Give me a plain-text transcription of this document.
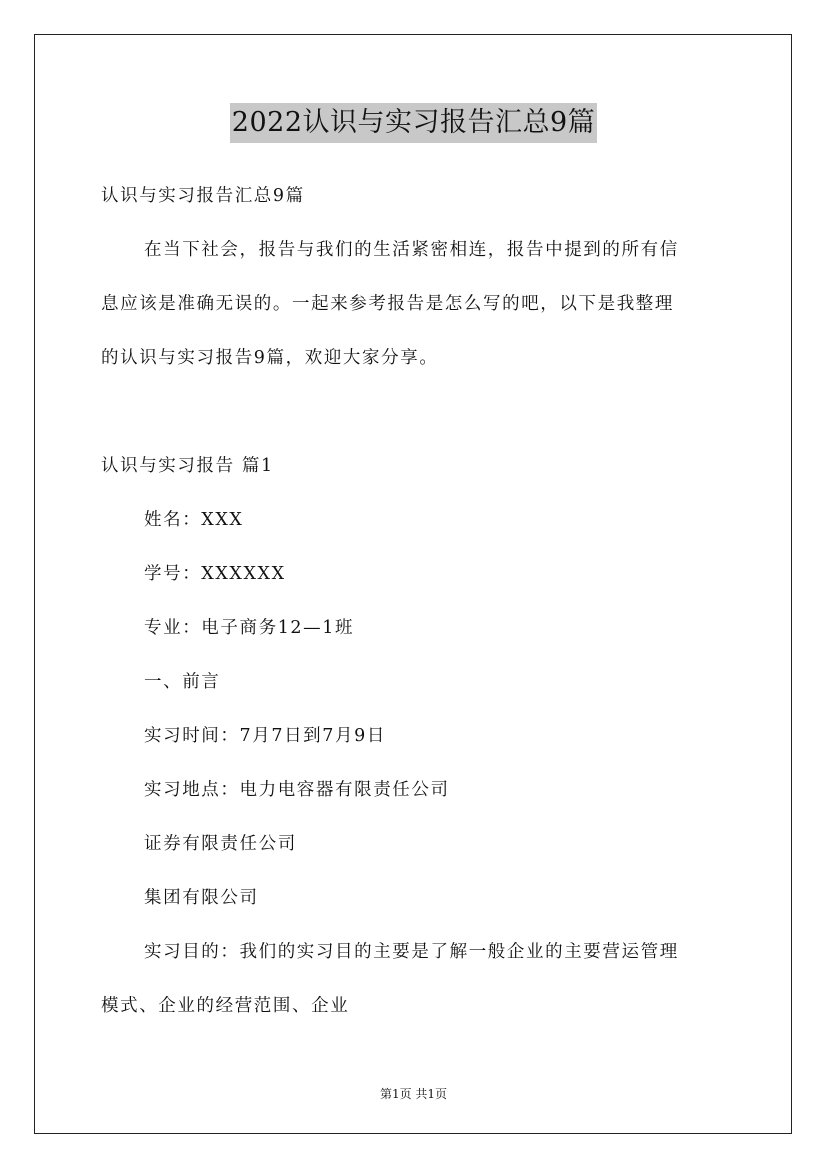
2022认识与实习报告汇总9篇
认识与实习报告汇总9篇
在当下社会，报告与我们的生活紧密相连，报告中提到的所有信
息应该是准确无误的。一起来参考报告是怎么写的吧，以下是我整理
的认识与实习报告9篇，欢迎大家分享。
认识与实习报告 篇1
姓名：XXX
学号：XXXXXX
专业：电子商务12—1班
一、前言
实习时间：7月7日到7月9日
实习地点：电力电容器有限责任公司
证券有限责任公司
集团有限公司
实习目的：我们的实习目的主要是了解一般企业的主要营运管理
模式、企业的经营范围、企业
第1页 共1页
